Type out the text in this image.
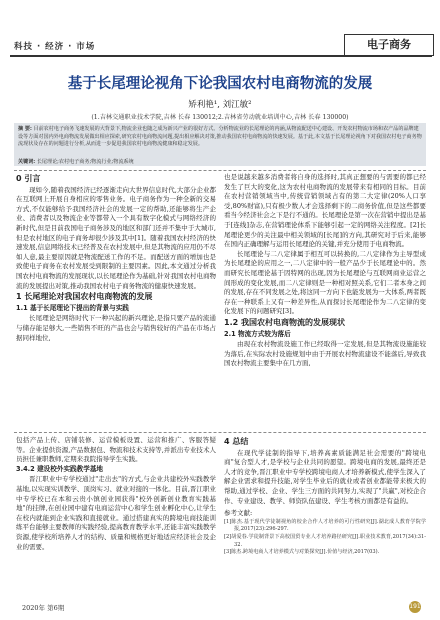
科技 · 经济 · 市场	电子商务
基于长尾理论视角下论我国农村电商物流的发展
矫利艳¹, 刘江敏²
(1.吉林交通职业技术学院,吉林 长春 130012;2.吉林省劳动就业培训中心,吉林 长春 130000)
摘 要: 目前农村电子商务飞速发展的大背景下,物流企业也随之成为新兴产业的很好方式。分析物流业的长尾理论的内涵,从物流配送中心建设、开发农村物流市场和农产品的品牌建设等方面对国内外电商物流发展做出相应探索,研究农村电商物流问题,提出相应解决对策,推动我国农村电商物流的快速发展。基于此,本文基于长尾理论视角下对我国农村电子商务物流现状及存在的问题进行分析,从而进一步促进我国农村电商物流健康和稳定发展。
关键词: 长尾理论;农村电子商务;物流行业;物流系统
0 引言

现如今,随着我国经济已经逐渐走向大世界信息时代,大部分企业都在互联网上开展自身相应的零售业务。电子商务作为一种全新的交易方式,不仅能够给予我国经济社会的发展一定的帮助,还能够将生产企业、消费者以及物流企业等都带入一个具有数字化模式与网络经济的新时代,但是目前我国电子商务涉及的地区和部门还并不集中于大城市,但是农村地区的电子商务却很少涉及其中[1]。随着我国农村经济的快速发展,信息网络技术已经普及在农村发展中,但是其物流的应用仍不尽如人意,最主要原因就是物流配送工作的不足。而配送方面的增加也是致使电子商务在农村发展受到限制的主要因素。因此,本文通过分析我国农村电商物流的发展现状,以长尾理论作为基础,针对我国农村电商物流的发展提出对策,推动我国农村电子商务物流的健康快速发展。

1 长尾理论对我国农村电商物流的发展
1.1 基于长尾理论下提出的背景与实践

长尾理论是网络时代下一种兴起的新兴理论,是指只要产品的流通与储存能足够大,一些销售不旺的产品也会与销售较好的产品在市场占据同样地位,

也是说越来越多消费者将自身的选择时,其真正想要的与需要的都已经发生了巨大的变化,这为农村电商物流的发展带来有相同的目标。目前在农村营销领域当中,传统营销领域占有的第二大定律(20%人口享受,80%财富),只有极少数人才会选择剩下的二商务价值,但是这些都要看当今经济社会之下是行不通的。长尾理论是第一次在营销中提出是基于[连线]杂志,在营销理论体系下能够引起一定的网络关注程度。[2]长尾理论更少的关注最中相关领域的[长尾]的方向,其研究对于后来,能够在国内正确理解与运用长尾理论的关键,并充分使用于电商物流。

长尾理论与二八定律属于相互可以转换的,二八定律作为主导型成为长尾理论的应用之一,二八定律中的一般产品少于长尾理论中的。然而研究长尾理论基于因特网的出现,因为长尾理论与互联网商业运营之间形成的变化发展,而二八定律则是一种相对照关系,它们二者本身之间的发展,存在不同发展之处,将这同一方向下也能发展为一大体系,两者既存在一种联系上又有一种差异性,从而探讨长尾理论作为二八定律的变化发展下的问题研究[3]。

1.2 我国农村电商物流的发展现状
2.1 物流方式较为落后

由现在农村物流设施工作已经取得一定发展,但是其物流设施能较为落后,在实际农村设施规划中由于开展农村物流建设不能落后,导致我国农村物流主要集中在几方面,

包括产品上传、店铺装修、运营模板设置、运营和推广、客服答疑等。企业提供资源,产品数据包、物流和技术支持等,并派出专业技术人员担任兼职教师,定期来我院指导学生实践。

3.4.2 建设校外实践教学基地

晋江职业中专学校通过"走出去"的方式,与企业共建校外实践教学基地,以实现实训教学、顶岗实习、就业对接的一体化。目前,晋江职业中专学校已在本和云贵小镇创业园获得"校外创新创业教育实践基地"的挂牌,在创业园中建有电商运营中心和学生创业孵化中心,让学生在校内就能到企业实践和直接就业。通过搭建真实的跨境电商技能训练平台能够主要教师的实践经验,提高教育教学水平,还能丰富实践教学资源,使学校所培养人才的结构、质量和规格更好地适应经济社会及企业的需要。

4 总结

在现代学徒制的指导下,培养高素质能满足社会需要的"跨境电商"复合型人才,是学校与企业共同的愿望。跨境电商的发展,最终还是人才的竞争,晋江职业中专学校跨境电商人才培养新模式,使学生深入了解企业需求和提升技能,对学生毕业后的就业或者创业都能带来极大的帮助,通过学校、企业、学生三方面的共同努力,实现了"共赢",对校企合作、专业建设、教学、师资队伍建设、学生考核方面都是有益的。

参考文献:

[1]陈杰.基于现代学徒制视角的校企合作人才培养的可行性研究[J].湖北成人教育学院学报,2017(23):296-297.

[2]胡爱春.学徒制背景下高校国贸专业人才培养路径研究[J].职业技术教育,2017(34):31-32.

[3]陈杰.跨境电商人才培养模式与对策探究[J].价值与经济,2017(03).

2020年 第6期	191
